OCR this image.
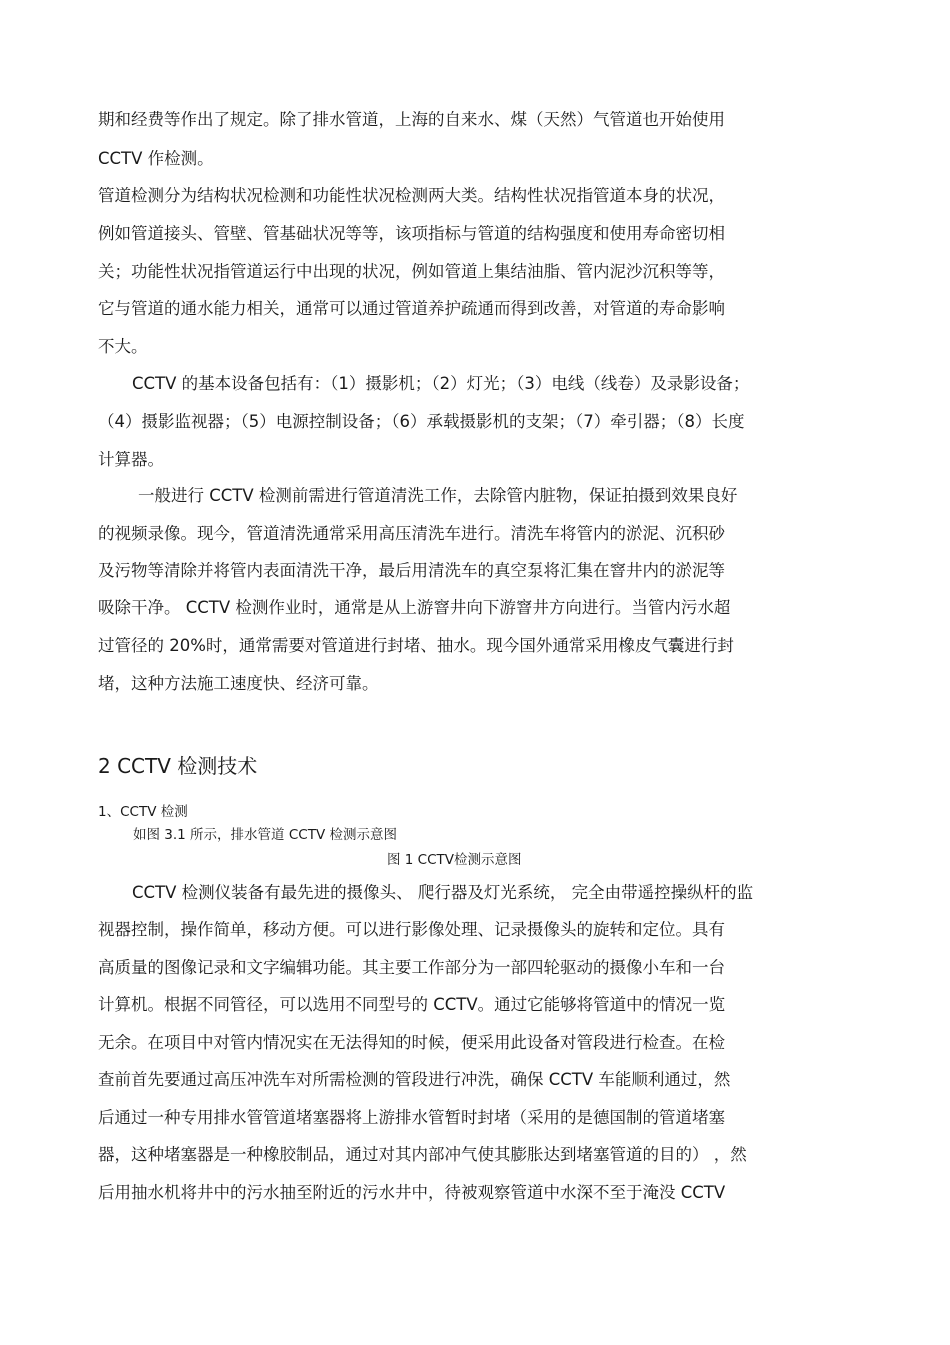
期和经费等作出了规定。除了排水管道，上海的自来水、煤（天然）气管道也开始使用
CCTV 作检测。
管道检测分为结构状况检测和功能性状况检测两大类。结构性状况指管道本身的状况，
例如管道接头、管壁、管基础状况等等，该项指标与管道的结构强度和使用寿命密切相
关；功能性状况指管道运行中出现的状况，例如管道上集结油脂、管内泥沙沉积等等，
它与管道的通水能力相关，通常可以通过管道养护疏通而得到改善，对管道的寿命影响
不大。
CCTV 的基本设备包括有：（1）摄影机；（2）灯光；（3）电线（线卷）及录影设备；
（4）摄影监视器；（5）电源控制设备；（6）承载摄影机的支架；（7）牵引器；（8）长度
计算器。
一般进行 CCTV 检测前需进行管道清洗工作，去除管内脏物，保证拍摄到效果良好
的视频录像。现今，管道清洗通常采用高压清洗车进行。清洗车将管内的淤泥、沉积砂
及污物等清除并将管内表面清洗干净，最后用清洗车的真空泵将汇集在窨井内的淤泥等
吸除干净。 CCTV 检测作业时，通常是从上游窨井向下游窨井方向进行。当管内污水超
过管径的 20%时，通常需要对管道进行封堵、抽水。现今国外通常采用橡皮气囊进行封
堵，这种方法施工速度快、经济可靠。
2 CCTV 检测技术
1、CCTV 检测
如图 3.1 所示，排水管道 CCTV 检测示意图
图 1 CCTV检测示意图
CCTV 检测仪装备有最先进的摄像头、 爬行器及灯光系统， 完全由带遥控操纵杆的监
视器控制，操作简单，移动方便。可以进行影像处理、记录摄像头的旋转和定位。具有
高质量的图像记录和文字编辑功能。其主要工作部分为一部四轮驱动的摄像小车和一台
计算机。根据不同管径，可以选用不同型号的 CCTV。通过它能够将管道中的情况一览
无余。在项目中对管内情况实在无法得知的时候，便采用此设备对管段进行检查。在检
查前首先要通过高压冲洗车对所需检测的管段进行冲洗，确保 CCTV 车能顺利通过，然
后通过一种专用排水管管道堵塞器将上游排水管暂时封堵（采用的是德国制的管道堵塞
器，这种堵塞器是一种橡胶制品，通过对其内部冲气使其膨胀达到堵塞管道的目的） ，然
后用抽水机将井中的污水抽至附近的污水井中，待被观察管道中水深不至于淹没 CCTV
